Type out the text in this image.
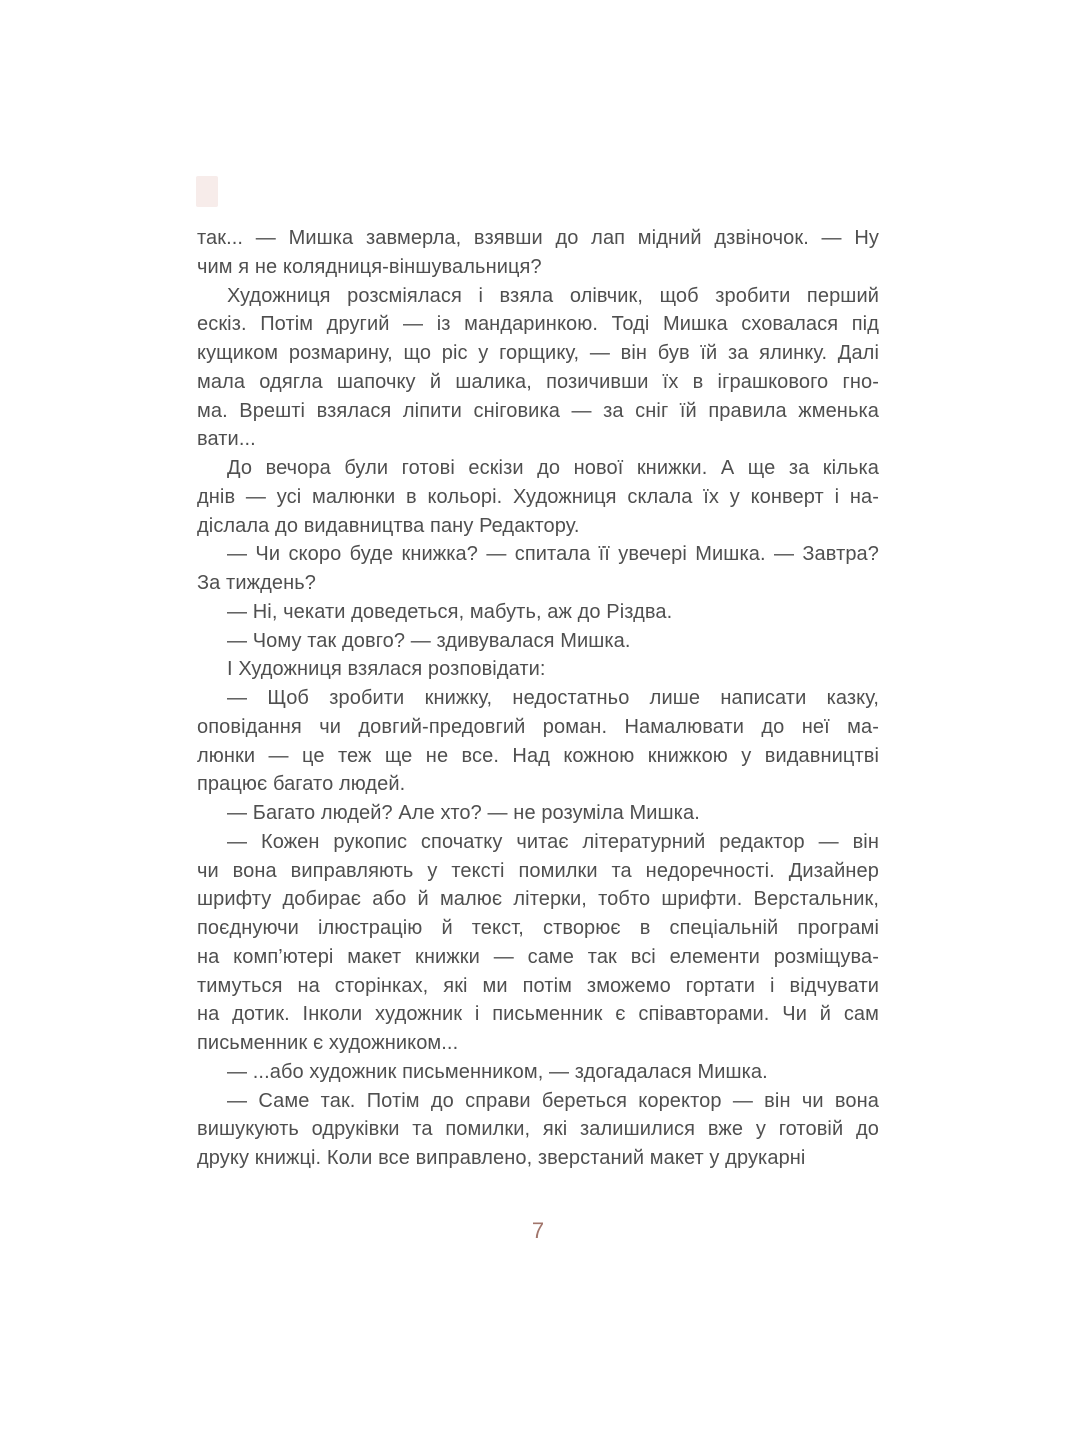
так... — Мишка завмерла, взявши до лап мідний дзвіночок. — Ну
чим я не колядниця-віншувальниця?
Художниця розсміялася і взяла олівчик, щоб зробити перший
ескіз. Потім другий — із мандаринкою. Тоді Мишка сховалася під
кущиком розмарину, що ріс у горщику, — він був їй за ялинку. Далі
мала одягла шапочку й шалика, позичивши їх в іграшкового гно-
ма. Врешті взялася ліпити сніговика — за сніг їй правила жменька
вати...
До вечора були готові ескізи до нової книжки. А ще за кілька
днів — усі малюнки в кольорі. Художниця склала їх у конверт і на-
діслала до видавництва пану Редактору.
— Чи скоро буде книжка? — спитала її увечері Мишка. — Завтра?
За тиждень?
— Ні, чекати доведеться, мабуть, аж до Різдва.
— Чому так довго? — здивувалася Мишка.
І Художниця взялася розповідати:
— Щоб зробити книжку, недостатньо лише написати казку,
оповідання чи довгий-предовгий роман. Намалювати до неї ма-
люнки — це теж ще не все. Над кожною книжкою у видавництві
працює багато людей.
— Багато людей? Але хто? — не розуміла Мишка.
— Кожен рукопис спочатку читає літературний редактор — він
чи вона виправляють у тексті помилки та недоречності. Дизайнер
шрифту добирає або й малює літерки, тобто шрифти. Верстальник,
поєднуючи ілюстрацію й текст, створює в спеціальній програмі
на комп’ютері макет книжки — саме так всі елементи розміщува-
тимуться на сторінках, які ми потім зможемо гортати і відчувати
на дотик. Інколи художник і письменник є співавторами. Чи й сам
письменник є художником...
— ...або художник письменником, — здогадалася Мишка.
— Саме так. Потім до справи береться коректор — він чи вона
вишукують одруківки та помилки, які залишилися вже у готовій до
друку книжці. Коли все виправлено, зверстаний макет у друкарні
7
